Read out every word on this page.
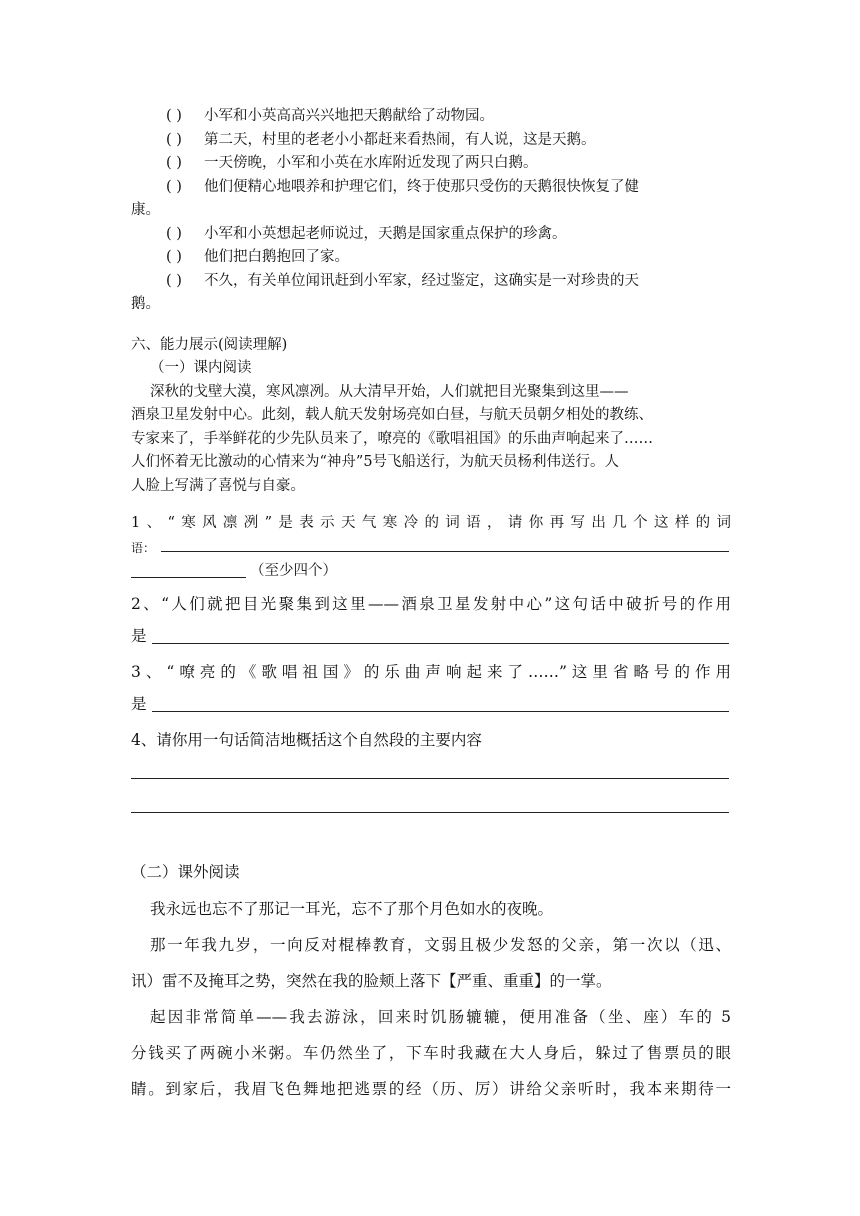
( ) 小军和小英高高兴兴地把天鹅献给了动物园。
( ) 第二天，村里的老老小小都赶来看热闹，有人说，这是天鹅。
( ) 一天傍晚，小军和小英在水库附近发现了两只白鹅。
( ) 他们便精心地喂养和护理它们，终于使那只受伤的天鹅很快恢复了健
康。
( ) 小军和小英想起老师说过，天鹅是国家重点保护的珍禽。
( ) 他们把白鹅抱回了家。
( ) 不久，有关单位闻讯赶到小军家，经过鉴定，这确实是一对珍贵的天
鹅。
六、能力展示(阅读理解)
（一）课内阅读
深秋的戈壁大漠，寒风凛冽。从大清早开始，人们就把目光聚集到这里——
酒泉卫星发射中心。此刻，载人航天发射场亮如白昼，与航天员朝夕相处的教练、
专家来了，手举鲜花的少先队员来了，嘹亮的《歌唱祖国》的乐曲声响起来了……
人们怀着无比激动的心情来为“神舟”5号飞船送行，为航天员杨利伟送行。人
人脸上写满了喜悦与自豪。
1、“寒风凛冽”是表示天气寒冷的词语，请你再写出几个这样的词
语：
（至少四个）
2、“人们就把目光聚集到这里——酒泉卫星发射中心”这句话中破折号的作用
是
3、“嘹亮的《歌唱祖国》的乐曲声响起来了……”这里省略号的作用
是
4、请你用一句话简洁地概括这个自然段的主要内容
（二）课外阅读
我永远也忘不了那记一耳光，忘不了那个月色如水的夜晚。
那一年我九岁，一向反对棍棒教育，文弱且极少发怒的父亲，第一次以（迅、
讯）雷不及掩耳之势，突然在我的脸颊上落下【严重、重重】的一掌。
起因非常简单——我去游泳，回来时饥肠辘辘，便用准备（坐、座）车的 5
分钱买了两碗小米粥。车仍然坐了，下车时我藏在大人身后，躲过了售票员的眼
睛。到家后，我眉飞色舞地把逃票的经（历、厉）讲给父亲听时，我本来期待一
